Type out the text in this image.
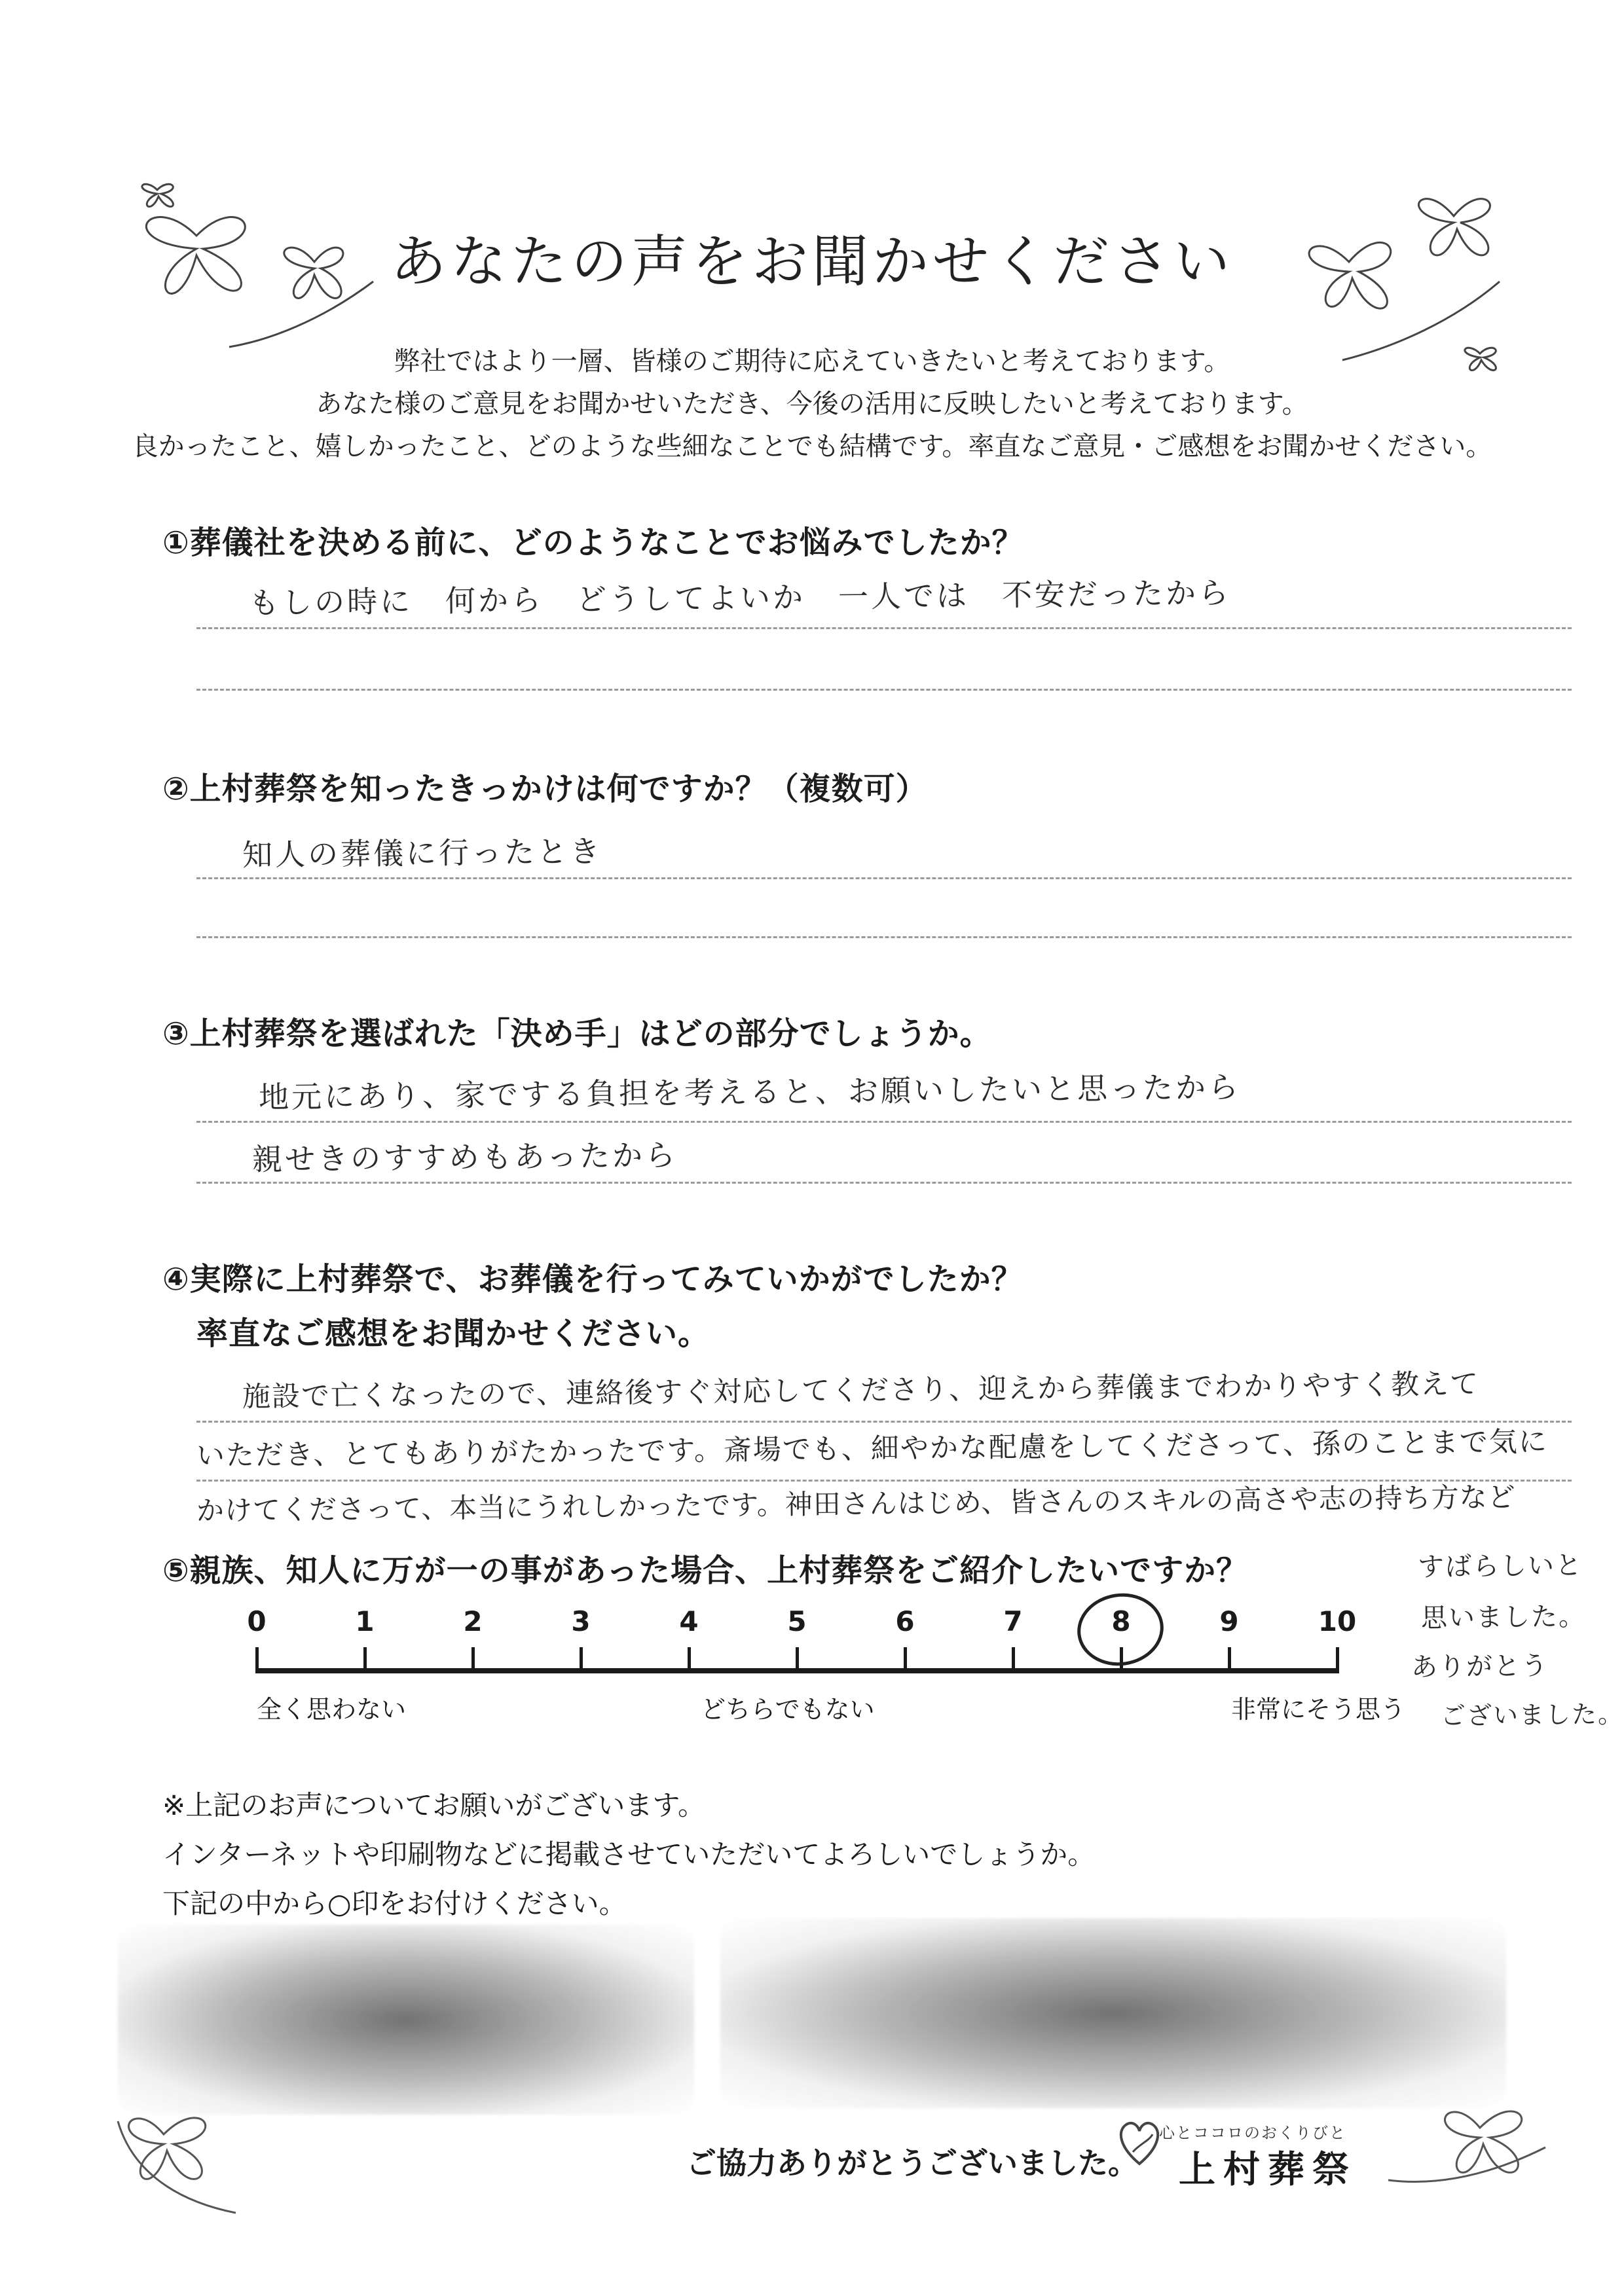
あなたの声をお聞かせください
弊社ではより一層、皆様のご期待に応えていきたいと考えております。
あなた様のご意見をお聞かせいただき、今後の活用に反映したいと考えております。
良かったこと、嬉しかったこと、どのような些細なことでも結構です。率直なご意見・ご感想をお聞かせください。
①葬儀社を決める前に、どのようなことでお悩みでしたか？
もしの時に　何から　どうしてよいか　一人では　不安だったから
②上村葬祭を知ったきっかけは何ですか？（複数可）
知人の葬儀に行ったとき
③上村葬祭を選ばれた「決め手」はどの部分でしょうか。
地元にあり、家でする負担を考えると、お願いしたいと思ったから
親せきのすすめもあったから
④実際に上村葬祭で、お葬儀を行ってみていかがでしたか？
率直なご感想をお聞かせください。
施設で亡くなったので、連絡後すぐ対応してくださり、迎えから葬儀までわかりやすく教えて
いただき、とてもありがたかったです。斎場でも、細やかな配慮をしてくださって、孫のことまで気に
かけてくださって、本当にうれしかったです。神田さんはじめ、皆さんのスキルの高さや志の持ち方など
⑤親族、知人に万が一の事があった場合、上村葬祭をご紹介したいですか？	すばらしいと
思いました。
ありがとう
ございました。
0	1	2	3	4	5	6	7	8	9	10
全く思わない	どちらでもない	非常にそう思う
※上記のお声についてお願いがございます。
インターネットや印刷物などに掲載させていただいてよろしいでしょうか。
下記の中から○印をお付けください。
ご協力ありがとうございました。
心とココロのおくりびと
上村葬祭
